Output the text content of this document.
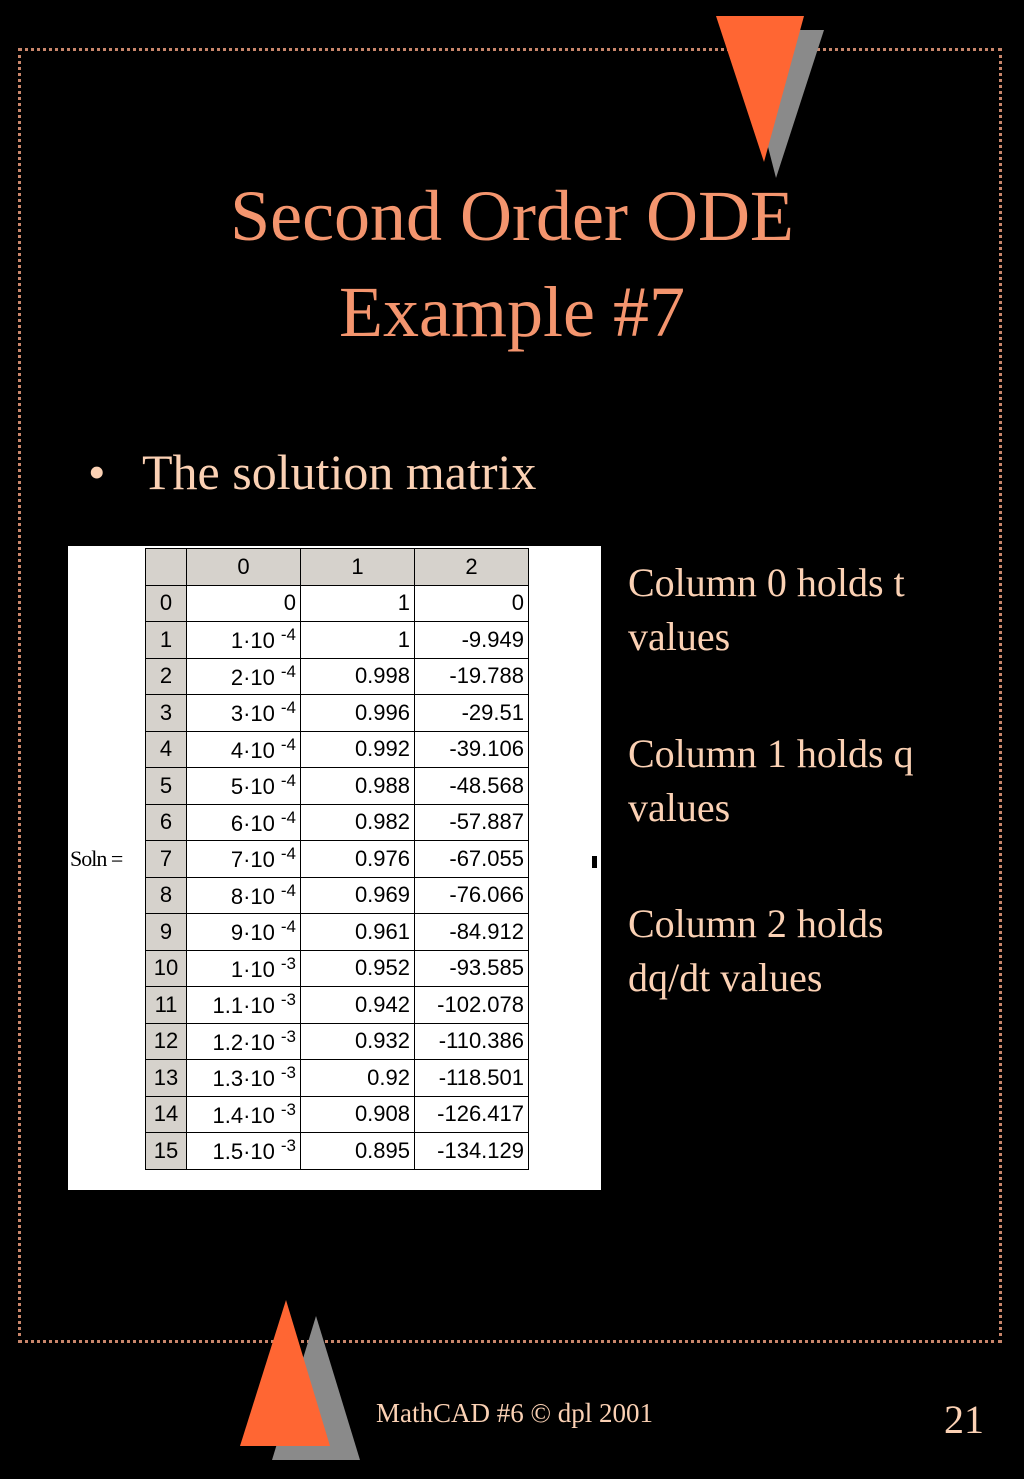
Second Order ODE
Example #7
• The solution matrix
Soln =
	0	1	2
0	0	1	0
1	1·10 $^{-4}$	1	-9.949
2	2·10 $^{-4}$	0.998	-19.788
3	3·10 $^{-4}$	0.996	-29.51
4	4·10 $^{-4}$	0.992	-39.106
5	5·10 $^{-4}$	0.988	-48.568
6	6·10 $^{-4}$	0.982	-57.887
7	7·10 $^{-4}$	0.976	-67.055
8	8·10 $^{-4}$	0.969	-76.066
9	9·10 $^{-4}$	0.961	-84.912
10	1·10 $^{-3}$	0.952	-93.585
11	1.1·10 $^{-3}$	0.942	-102.078
12	1.2·10 $^{-3}$	0.932	-110.386
13	1.3·10 $^{-3}$	0.92	-118.501
14	1.4·10 $^{-3}$	0.908	-126.417
15	1.5·10 $^{-3}$	0.895	-134.129
Column 0 holds t
values
Column 1 holds q
values
Column 2 holds
dq/dt values
MathCAD #6 © dpl 2001	21
